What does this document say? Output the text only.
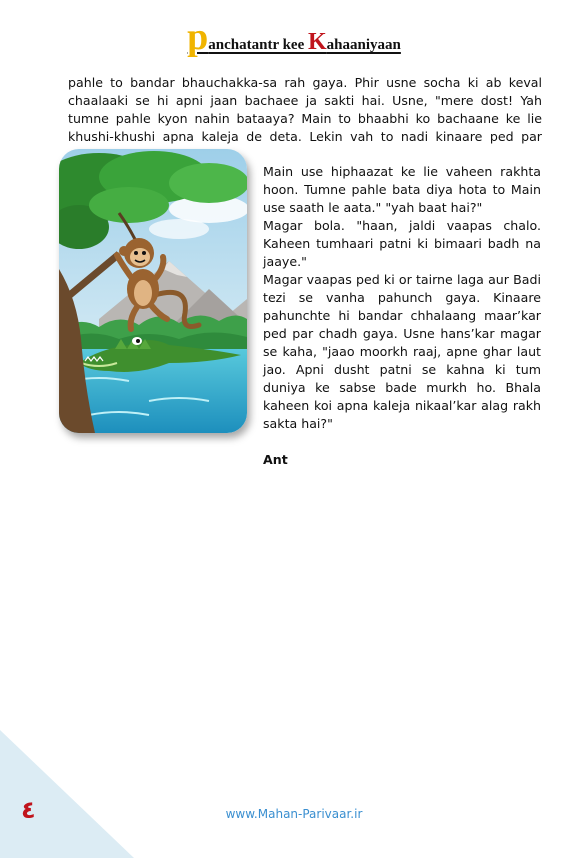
panchatantr kee Kahaaniyaan

pahle to bandar bhauchakka-sa rah gaya. Phir usne socha ki ab keval chaalaaki se hi apni jaan bachaee ja sakti hai. Usne, "mere dost! Yah tumne pahle kyon nahin bataaya? Main to bhaabhi ko bachaane ke lie khushi-khushi apna kaleja de deta. Lekin vah to nadi kinaare ped par

Main use hiphaazat ke lie vaheen rakhta hoon. Tumne pahle bata diya hota to Main use saath le aata." "yah baat hai?"

Magar bola. "haan, jaldi vaapas chalo. Kaheen tumhaari patni ki bimaari badh na jaaye."

Magar vaapas ped ki or tairne laga aur Badi tezi se vanha pahunch gaya. Kinaare pahunchte hi bandar chhalaang maar’kar ped par chadh gaya. Usne hans’kar magar se kaha, "jaao moorkh raaj, apne ghar laut jao. Apni dusht patni se kahna ki tum duniya ke sabse bade murkh ho. Bhala kaheen koi apna kaleja nikaal’kar alag rakh sakta hai?"

Ant

٤	www.Mahan-Parivaar.ir
